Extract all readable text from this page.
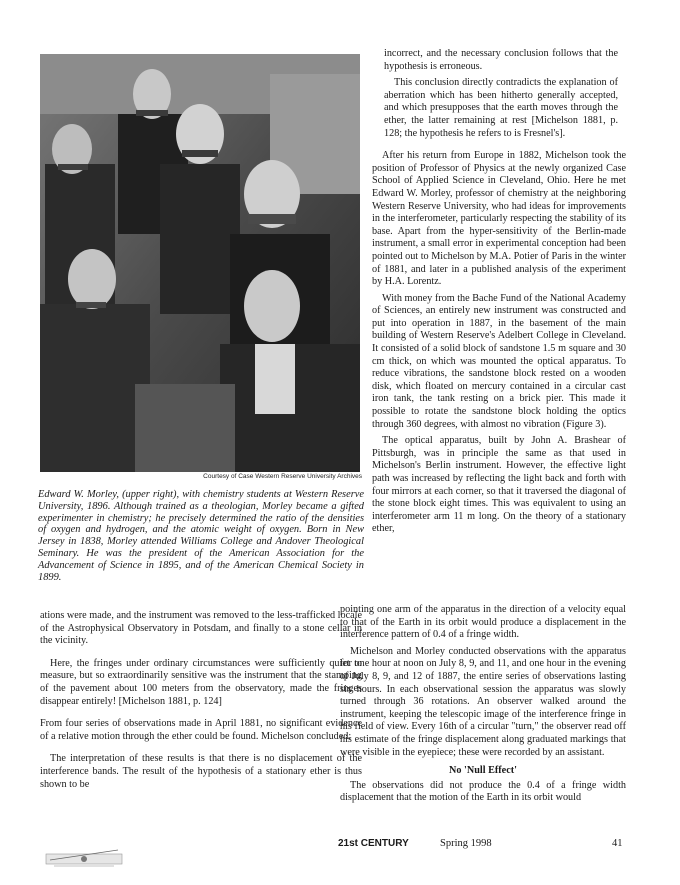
Courtesy of Case Western Reserve University Archives
Edward W. Morley, (upper right), with chemistry students at Western Reserve University, 1896. Although trained as a theologian, Morley became a gifted experimenter in chemistry; he precisely determined the ratio of the densities of oxygen and hydrogen, and the atomic weight of oxygen. Born in New Jersey in 1838, Morley attended Williams College and Andover Theological Seminary. He was the president of the American Association for the Advancement of Science in 1895, and of the American Chemical Society in 1899.

ations were made, and the instrument was removed to the less-trafficked locale of the Astrophysical Observatory in Potsdam, and finally to a stone cellar in the vicinity.

Here, the fringes under ordinary circumstances were sufficiently quiet to measure, but so extraordinarily sensitive was the instrument that the stamping of the pavement about 100 meters from the observatory, made the fringes disappear entirely! [Michelson 1881, p. 124]

From four series of observations made in April 1881, no significant evidence of a relative motion through the ether could be found. Michelson concluded:

The interpretation of these results is that there is no displacement of the interference bands. The result of the hypothesis of a stationary ether is thus shown to be

incorrect, and the necessary conclusion follows that the hypothesis is erroneous.

This conclusion directly contradicts the explanation of aberration which has been hitherto generally accepted, and which presupposes that the earth moves through the ether, the latter remaining at rest [Michelson 1881, p. 128; the hypothesis he refers to is Fresnel's].

After his return from Europe in 1882, Michelson took the position of Professor of Physics at the newly organized Case School of Applied Science in Cleveland, Ohio. Here he met Edward W. Morley, professor of chemistry at the neighboring Western Reserve University, who had ideas for improvements in the interferometer, particularly respecting the stability of its base. Apart from the hyper-sensitivity of the Berlin-made instrument, a small error in experimental conception had been pointed out to Michelson by M.A. Potier of Paris in the winter of 1881, and later in a published analysis of the experiment by H.A. Lorentz.

With money from the Bache Fund of the National Academy of Sciences, an entirely new instrument was constructed and put into operation in 1887, in the basement of the main building of Western Reserve's Adelbert College in Cleveland. It consisted of a solid block of sandstone 1.5 m square and 30 cm thick, on which was mounted the optical apparatus. To reduce vibrations, the sandstone block rested on a wooden disk, which floated on mercury contained in a circular cast iron tank, the tank resting on a brick pier. This made it possible to rotate the sandstone block holding the optics through 360 degrees, with almost no vibration (Figure 3).

The optical apparatus, built by John A. Brashear of Pittsburgh, was in principle the same as that used in Michelson's Berlin instrument. However, the effective light path was increased by reflecting the light back and forth with four mirrors at each corner, so that it traversed the diagonal of the stone block eight times. This was equivalent to using an interferometer arm 11 m long. On the theory of a stationary ether,

pointing one arm of the apparatus in the direction of a velocity equal to that of the Earth in its orbit would produce a displacement in the interference pattern of 0.4 of a fringe width.

Michelson and Morley conducted observations with the apparatus for one hour at noon on July 8, 9, and 11, and one hour in the evening of July 8, 9, and 12 of 1887, the entire series of observations lasting six hours. In each observational session the apparatus was slowly turned through 36 rotations. An observer walked around the instrument, keeping the telescopic image of the interference fringe in his field of view. Every 16th of a circular "turn," the observer read off his estimate of the fringe displacement along graduated markings that were visible in the eyepiece; these were recorded by an assistant.

No 'Null Effect'

The observations did not produce the 0.4 of a fringe width displacement that the motion of the Earth in its orbit would

21st CENTURY	Spring 1998	41
